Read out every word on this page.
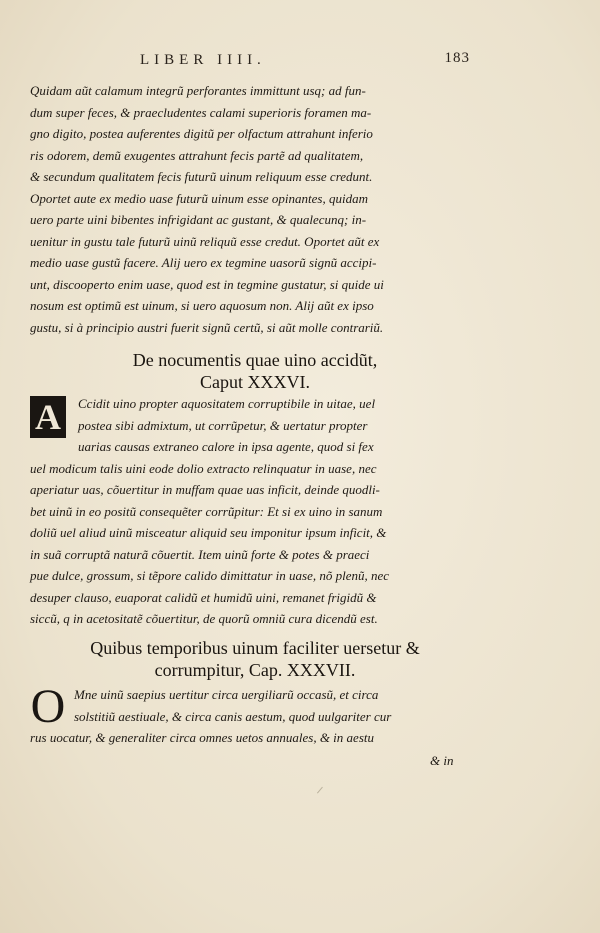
LIBER IIII.	183
Quidam aũt calamum integrũ perforantes immittunt usq; ad fun-
dum super feces, & praecludentes calami superioris foramen ma-
gno digito, postea auferentes digitũ per olfactum attrahunt inferio
ris odorem, demũ exugentes attrahunt fecis partẽ ad qualitatem,
& secundum qualitatem fecis futurũ uinum reliquum esse credunt.
Oportet aute ex medio uase futurũ uinum esse opinantes, quidam
uero parte uini bibentes infrigidant ac gustant, & qualecunq; in-
uenitur in gustu tale futurũ uinũ reliquũ esse credut. Oportet aũt ex
medio uase gustũ facere. Alij uero ex tegmine uasorũ signũ accipi-
unt, discooperto enim uase, quod est in tegmine gustatur, si quide ui
nosum est optimũ est uinum, si uero aquosum non. Alij aũt ex ipso
gustu, si à principio austri fuerit signũ certũ, si aũt molle contrariũ.
De nocumentis quae uino accidũt,
Caput XXXVI.
A	Ccidit uino propter aquositatem corruptibile in uitae, uel
postea sibi admixtum, ut corrũpetur, & uertatur propter
uarias causas extraneo calore in ipsa agente, quod si fex
uel modicum talis uini eode dolio extracto relinquatur in uase, nec
aperiatur uas, cõuertitur in muffam quae uas inficit, deinde quodli-
bet uinũ in eo positũ consequẽter corrũpitur: Et si ex uino in sanum
doliũ uel aliud uinũ misceatur aliquid seu imponitur ipsum inficit, &
in suã corruptã naturã cõuertit. Item uinũ forte & potes & praeci
pue dulce, grossum, si tẽpore calido dimittatur in uase, nõ plenũ, nec
desuper clauso, euaporat calidũ et humidũ uini, remanet frigidũ &
siccũ, q in acetositatẽ cõuertitur, de quorũ omniũ cura dicendũ est.
Quibus temporibus uinum faciliter uersetur &
corrumpitur, Cap. XXXVII.
O Mne uinũ saepius uertitur circa uergiliarũ occasũ, et circa
solstitiũ aestiuale, & circa canis aestum, quod uulgariter cur
rus uocatur, & generaliter circa omnes uetos annuales, & in aestu
& in
